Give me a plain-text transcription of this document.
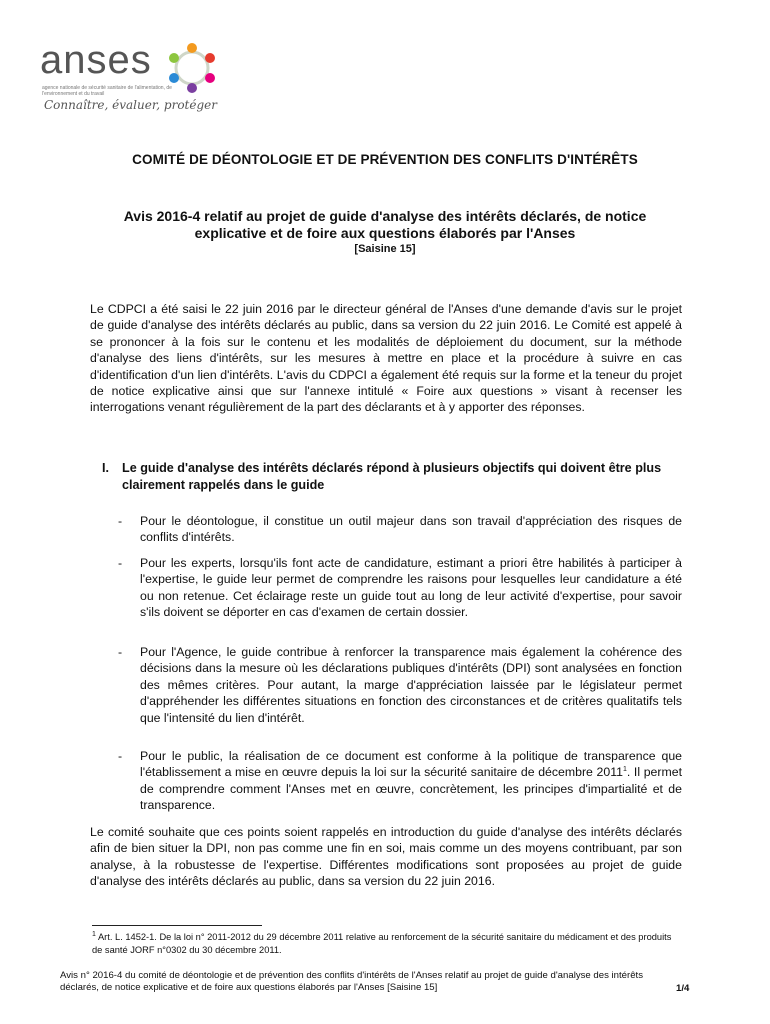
anses
agence nationale de sécurité sanitaire de l'alimentation, de l'environnement et du travail
Connaître, évaluer, protéger
COMITÉ DE DÉONTOLOGIE ET DE PRÉVENTION DES CONFLITS D'INTÉRÊTS
Avis 2016-4 relatif au projet de guide d'analyse des intérêts déclarés, de notice explicative et de foire aux questions élaborés par l'Anses
[Saisine 15]
Le CDPCI a été saisi le 22 juin 2016 par le directeur général de l'Anses d'une demande d'avis sur le projet de guide d'analyse des intérêts déclarés au public, dans sa version du 22 juin 2016. Le Comité est appelé à se prononcer à la fois sur le contenu et les modalités de déploiement du document, sur la méthode d'analyse des liens d'intérêts, sur les mesures à mettre en place et la procédure à suivre en cas d'identification d'un lien d'intérêts. L'avis du CDPCI a également été requis sur la forme et la teneur du projet de notice explicative ainsi que sur l'annexe intitulé « Foire aux questions » visant à recenser les interrogations venant régulièrement de la part des déclarants et à y apporter des réponses.
I. Le guide d'analyse des intérêts déclarés répond à plusieurs objectifs qui doivent être plus clairement rappelés dans le guide
- Pour le déontologue, il constitue un outil majeur dans son travail d'appréciation des risques de conflits d'intérêts.
- Pour les experts, lorsqu'ils font acte de candidature, estimant a priori être habilités à participer à l'expertise, le guide leur permet de comprendre les raisons pour lesquelles leur candidature a été ou non retenue. Cet éclairage reste un guide tout au long de leur activité d'expertise, pour savoir s'ils doivent se déporter en cas d'examen de certain dossier.
- Pour l'Agence, le guide contribue à renforcer la transparence mais également la cohérence des décisions dans la mesure où les déclarations publiques d'intérêts (DPI) sont analysées en fonction des mêmes critères. Pour autant, la marge d'appréciation laissée par le législateur permet d'appréhender les différentes situations en fonction des circonstances et de critères qualitatifs tels que l'intensité du lien d'intérêt.
- Pour le public, la réalisation de ce document est conforme à la politique de transparence que l'établissement a mise en œuvre depuis la loi sur la sécurité sanitaire de décembre 2011$^1$. Il permet de comprendre comment l'Anses met en œuvre, concrètement, les principes d'impartialité et de transparence.
Le comité souhaite que ces points soient rappelés en introduction du guide d'analyse des intérêts déclarés afin de bien situer la DPI, non pas comme une fin en soi, mais comme un des moyens contribuant, par son analyse, à la robustesse de l'expertise. Différentes modifications sont proposées au projet de guide d'analyse des intérêts déclarés au public, dans sa version du 22 juin 2016.
$^1$ Art. L. 1452-1. De la loi n° 2011-2012 du 29 décembre 2011 relative au renforcement de la sécurité sanitaire du médicament et des produits de santé JORF n°0302 du 30 décembre 2011.
Avis n° 2016-4 du comité de déontologie et de prévention des conflits d'intérêts de l'Anses relatif au projet de guide d'analyse des intérêts déclarés, de notice explicative et de foire aux questions élaborés par l'Anses [Saisine 15]	1/4
